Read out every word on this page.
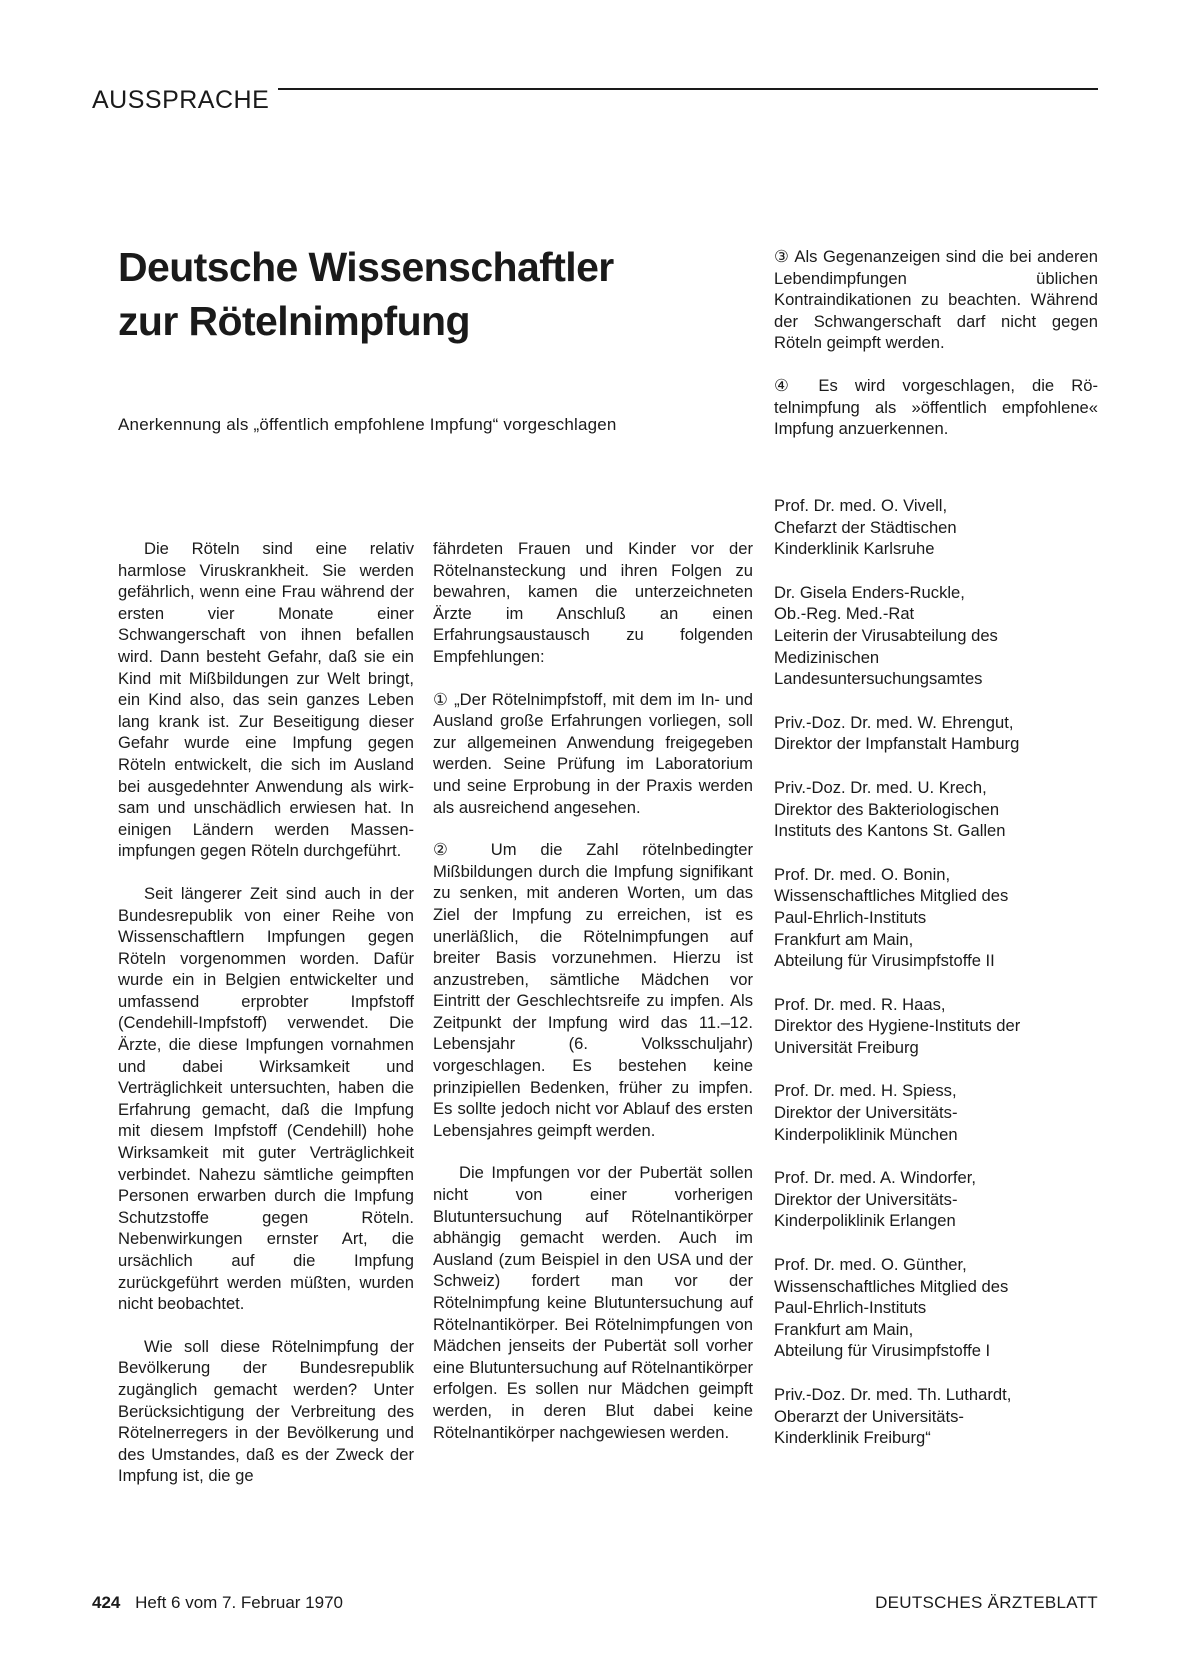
AUSSPRACHE
Deutsche Wissenschaftler
zur Rötelnimpfung
Anerkennung als „öffentlich empfohlene Impfung“ vorgeschlagen

Die Röteln sind eine relativ harmlose Viruskrankheit. Sie werden gefährlich, wenn eine Frau während der ersten vier Monate einer Schwangerschaft von ihnen befallen wird. Dann besteht Gefahr, daß sie ein Kind mit Mißbildungen zur Welt bringt, ein Kind also, das sein ganzes Leben lang krank ist. Zur Beseitigung dieser Gefahr wurde eine Impfung gegen Röteln entwickelt, die sich im Ausland bei ausgedehnter Anwendung als wirksam und unschädlich erwiesen hat. In einigen Ländern werden Massenimpfungen gegen Röteln durchgeführt.

Seit längerer Zeit sind auch in der Bundesrepublik von einer Reihe von Wissenschaftlern Impfungen gegen Röteln vorgenommen worden. Dafür wurde ein in Belgien entwickelter und umfassend erprobter Impfstoff (Cendehill-Impfstoff) verwendet. Die Ärzte, die diese Impfungen vornahmen und dabei Wirksamkeit und Verträglichkeit untersuchten, haben die Erfahrung gemacht, daß die Impfung mit diesem Impfstoff (Cendehill) hohe Wirksamkeit mit guter Verträglichkeit verbindet. Nahezu sämtliche geimpften Personen erwarben durch die Impfung Schutzstoffe gegen Röteln. Nebenwirkungen ernster Art, die ursächlich auf die Impfung zurückgeführt werden müßten, wurden nicht beobachtet.

Wie soll diese Rötelnimpfung der Bevölkerung der Bundesrepublik zugänglich gemacht werden? Unter Berücksichtigung der Verbreitung des Rötelnerregers in der Bevölkerung und des Umstandes, daß es der Zweck der Impfung ist, die ge

fährdeten Frauen und Kinder vor der Rötelnansteckung und ihren Folgen zu bewahren, kamen die unterzeichneten Ärzte im Anschluß an einen Erfahrungsaustausch zu folgenden Empfehlungen:

① „Der Rötelnimpfstoff, mit dem im In- und Ausland große Erfahrungen vorliegen, soll zur allgemeinen Anwendung freigegeben werden. Seine Prüfung im Laboratorium und seine Erprobung in der Praxis werden als ausreichend angesehen.

② Um die Zahl rötelnbedingter Mißbildungen durch die Impfung signifikant zu senken, mit anderen Worten, um das Ziel der Impfung zu erreichen, ist es unerläßlich, die Rötelnimpfungen auf breiter Basis vorzunehmen. Hierzu ist anzustreben, sämtliche Mädchen vor Eintritt der Geschlechtsreife zu impfen. Als Zeitpunkt der Impfung wird das 11.–12. Lebensjahr (6. Volksschuljahr) vorgeschlagen. Es bestehen keine prinzipiellen Bedenken, früher zu impfen. Es sollte jedoch nicht vor Ablauf des ersten Lebensjahres geimpft werden.

Die Impfungen vor der Pubertät sollen nicht von einer vorherigen Blutuntersuchung auf Rötelnantikörper abhängig gemacht werden. Auch im Ausland (zum Beispiel in den USA und der Schweiz) fordert man vor der Rötelnimpfung keine Blutuntersuchung auf Rötelnantikörper. Bei Rötelnimpfungen von Mädchen jenseits der Pubertät soll vorher eine Blutuntersuchung auf Rötelnantikörper erfolgen. Es sollen nur Mädchen geimpft werden, in deren Blut dabei keine Rötelnantikörper nachgewiesen werden.

③ Als Gegenanzeigen sind die bei anderen Lebendimpfungen üblichen Kontraindikationen zu beachten. Während der Schwangerschaft darf nicht gegen Röteln geimpft werden.

④ Es wird vorgeschlagen, die Rötelnimpfung als »öffentlich empfohlene« Impfung anzuerkennen.

Prof. Dr. med. O. Vivell,
Chefarzt der Städtischen
Kinderklinik Karlsruhe
Dr. Gisela Enders-Ruckle,
Ob.-Reg. Med.-Rat
Leiterin der Virusabteilung des
Medizinischen
Landesuntersuchungsamtes
Priv.-Doz. Dr. med. W. Ehrengut,
Direktor der Impfanstalt Hamburg
Priv.-Doz. Dr. med. U. Krech,
Direktor des Bakteriologischen
Instituts des Kantons St. Gallen
Prof. Dr. med. O. Bonin,
Wissenschaftliches Mitglied des
Paul-Ehrlich-Instituts
Frankfurt am Main,
Abteilung für Virusimpfstoffe II
Prof. Dr. med. R. Haas,
Direktor des Hygiene-Instituts der
Universität Freiburg
Prof. Dr. med. H. Spiess,
Direktor der Universitäts-
Kinderpoliklinik München
Prof. Dr. med. A. Windorfer,
Direktor der Universitäts-
Kinderpoliklinik Erlangen
Prof. Dr. med. O. Günther,
Wissenschaftliches Mitglied des
Paul-Ehrlich-Instituts
Frankfurt am Main,
Abteilung für Virusimpfstoffe I
Priv.-Doz. Dr. med. Th. Luthardt,
Oberarzt der Universitäts-
Kinderklinik Freiburg“
424 Heft 6 vom 7. Februar 1970	DEUTSCHES ÄRZTEBLATT
